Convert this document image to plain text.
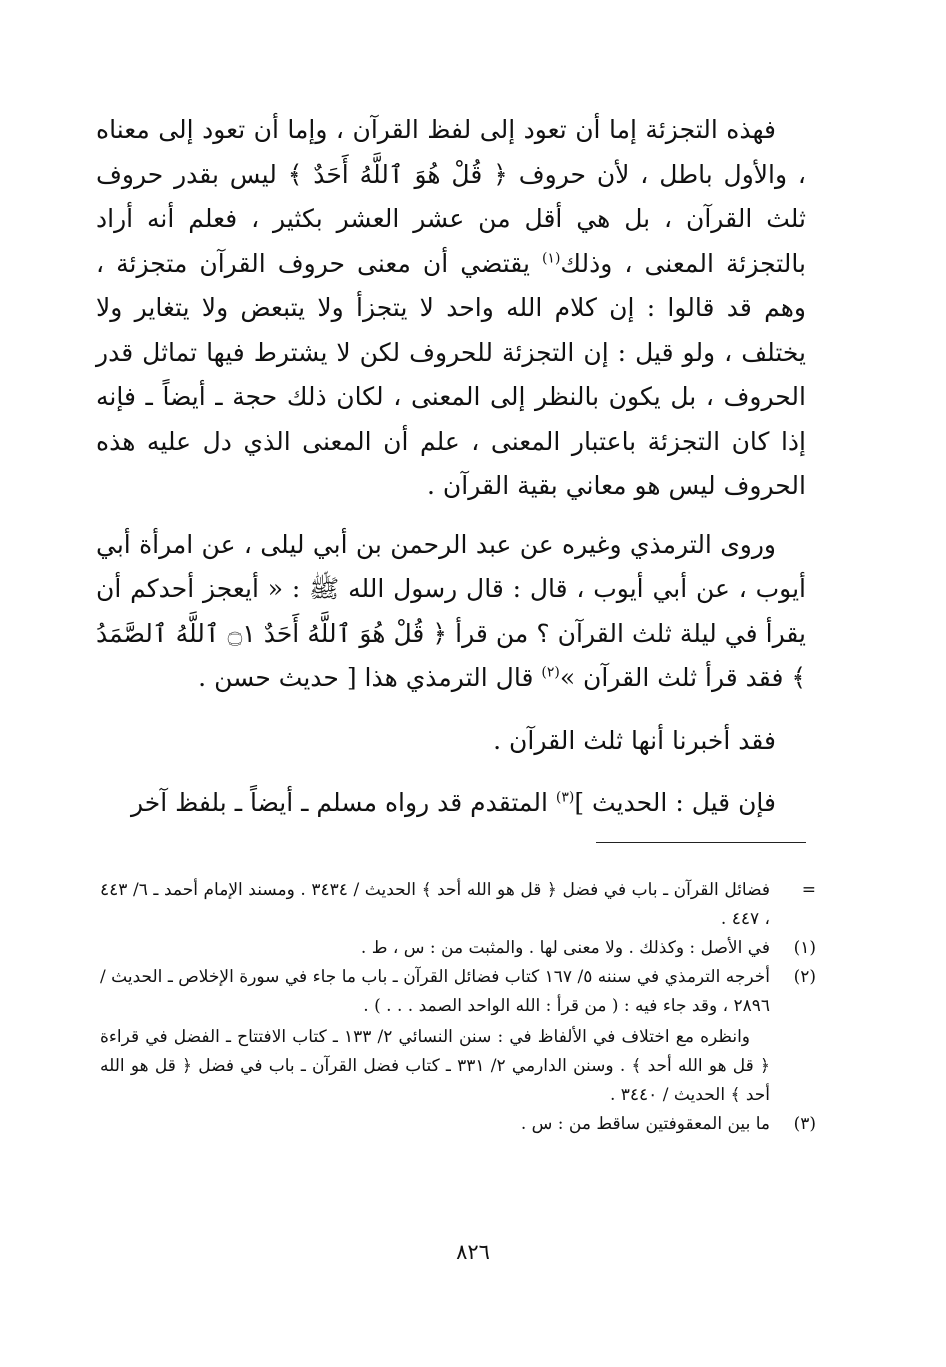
فهذه التجزئة إما أن تعود إلى لفظ القرآن ، وإما أن تعود إلى معناه ، والأول باطل ، لأن حروف ﴿ قُلْ هُوَ ٱللَّهُ أَحَدٌ ﴾ ليس بقدر حروف ثلث القرآن ، بل هي أقل من عشر العشر بكثير ، فعلم أنه أراد بالتجزئة المعنى ، وذلك$^{(١)}$ يقتضي أن معنى حروف القرآن متجزئة ، وهم قد قالوا : إن كلام الله واحد لا يتجزأ ولا يتبعض ولا يتغاير ولا يختلف ، ولو قيل : إن التجزئة للحروف لكن لا يشترط فيها تماثل قدر الحروف ، بل يكون بالنظر إلى المعنى ، لكان ذلك حجة ـ أيضاً ـ فإنه إذا كان التجزئة باعتبار المعنى ، علم أن المعنى الذي دل عليه هذه الحروف ليس هو معاني بقية القرآن .

وروى الترمذي وغيره عن عبد الرحمن بن أبي ليلى ، عن امرأة أبي أيوب ، عن أبي أيوب ، قال : قال رسول الله ﷺ : « أيعجز أحدكم أن يقرأ في ليلة ثلث القرآن ؟ من قرأ ﴿ قُلْ هُوَ ٱللَّهُ أَحَدٌ ۝١ ٱللَّهُ ٱلصَّمَدُ ﴾ فقد قرأ ثلث القرآن »$^{(٢)}$ قال الترمذي هذا [ حديث حسن .

فقد أخبرنا أنها ثلث القرآن .

فإن قيل : الحديث ]$^{(٣)}$ المتقدم قد رواه مسلم ـ أيضاً ـ بلفظ آخر

=
فضائل القرآن ـ باب في فضل ﴿ قل هو الله أحد ﴾ الحديث / ٣٤٣٤ . ومسند الإمام أحمد ـ ٦/ ٤٤٣ ، ٤٤٧ .
(١)
في الأصل : وكذلك . ولا معنى لها . والمثبت من : س ، ط .
(٢)
أخرجه الترمذي في سننه ٥/ ١٦٧ كتاب فضائل القرآن ـ باب ما جاء في سورة الإخلاص ـ الحديث / ٢٨٩٦ ، وقد جاء فيه : ( من قرأ : الله الواحد الصمد . . . ) .
وانظره مع اختلاف في الألفاظ في : سنن النسائي ٢/ ١٣٣ ـ كتاب الافتتاح ـ الفضل في قراءة ﴿ قل هو الله أحد ﴾ . وسنن الدارمي ٢/ ٣٣١ ـ كتاب فضل القرآن ـ باب في فضل ﴿ قل هو الله أحد ﴾ الحديث / ٣٤٤٠ .
(٣)
ما بين المعقوفتين ساقط من : س .
٨٢٦
